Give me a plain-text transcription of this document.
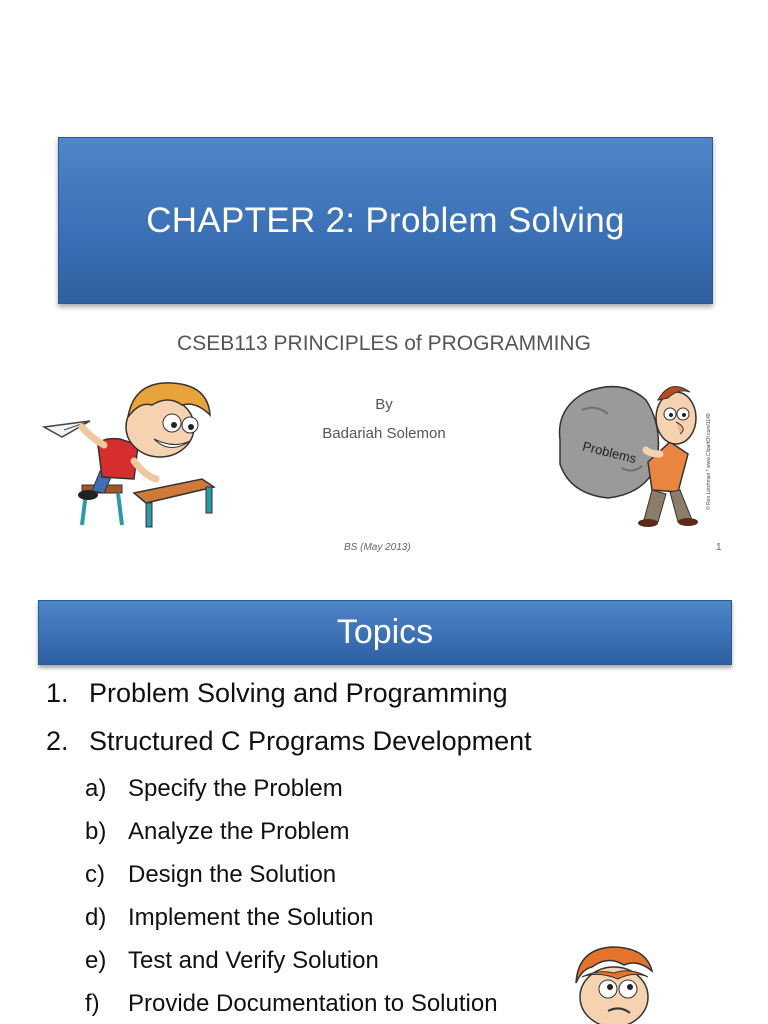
CHAPTER 2: Problem Solving
CSEB113 PRINCIPLES of PROGRAMMING
By
Badariah Solemon
BS (May 2013)	1
Problems	© Ron Leishman * www.ClipartOf.com/1149
Topics
1. Problem Solving and Programming
2. Structured C Programs Development
a) Specify the Problem
b) Analyze the Problem
c) Design the Solution
d) Implement the Solution
e) Test and Verify Solution
f) Provide Documentation to Solution
